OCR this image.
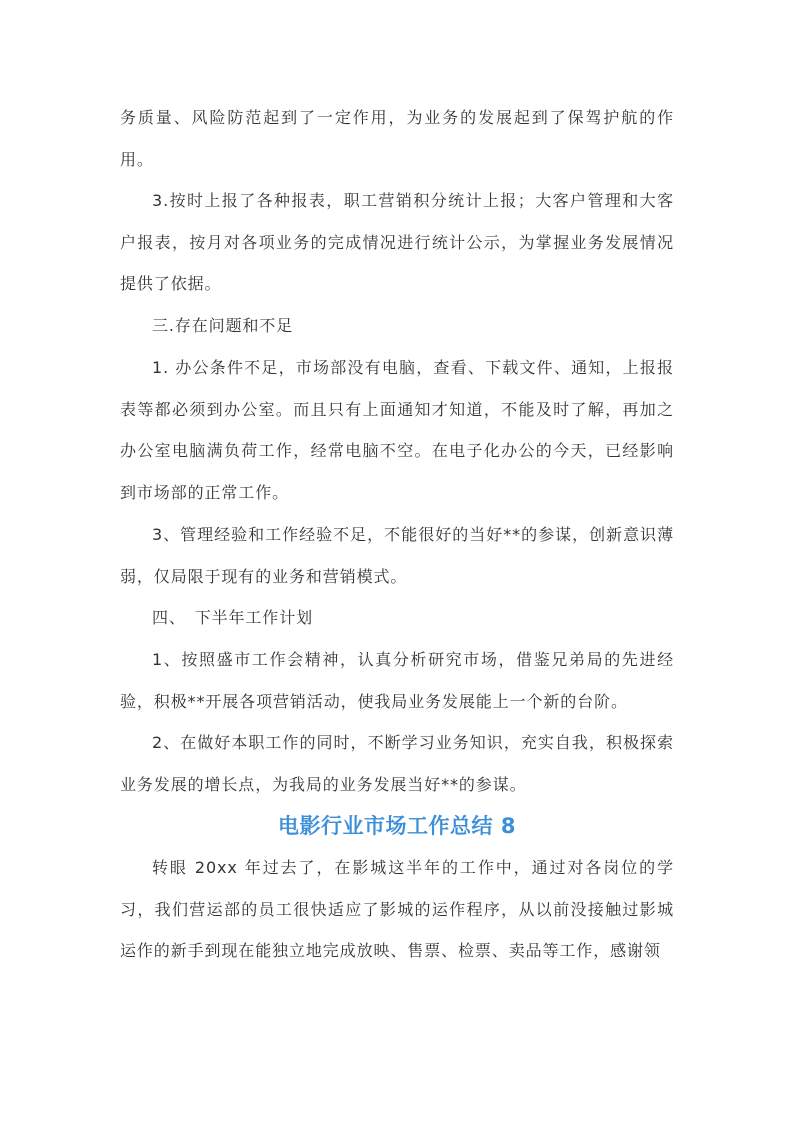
务质量、风险防范起到了一定作用，为业务的发展起到了保驾护航的作用。

3.按时上报了各种报表，职工营销积分统计上报；大客户管理和大客户报表，按月对各项业务的完成情况进行统计公示，为掌握业务发展情况提供了依据。

三.存在问题和不足

1. 办公条件不足，市场部没有电脑，查看、下载文件、通知，上报报表等都必须到办公室。而且只有上面通知才知道，不能及时了解，再加之办公室电脑满负荷工作，经常电脑不空。在电子化办公的今天，已经影响到市场部的正常工作。

3、管理经验和工作经验不足，不能很好的当好**的参谋，创新意识薄弱，仅局限于现有的业务和营销模式。

四、　下半年工作计划

1、按照盛市工作会精神，认真分析研究市场，借鉴兄弟局的先进经验，积极**开展各项营销活动，使我局业务发展能上一个新的台阶。

2、在做好本职工作的同时，不断学习业务知识，充实自我，积极探索业务发展的增长点，为我局的业务发展当好**的参谋。

电影行业市场工作总结 8

转眼 20xx 年过去了，在影城这半年的工作中，通过对各岗位的学习，我们营运部的员工很快适应了影城的运作程序，从以前没接触过影城运作的新手到现在能独立地完成放映、售票、检票、卖品等工作，感谢领
